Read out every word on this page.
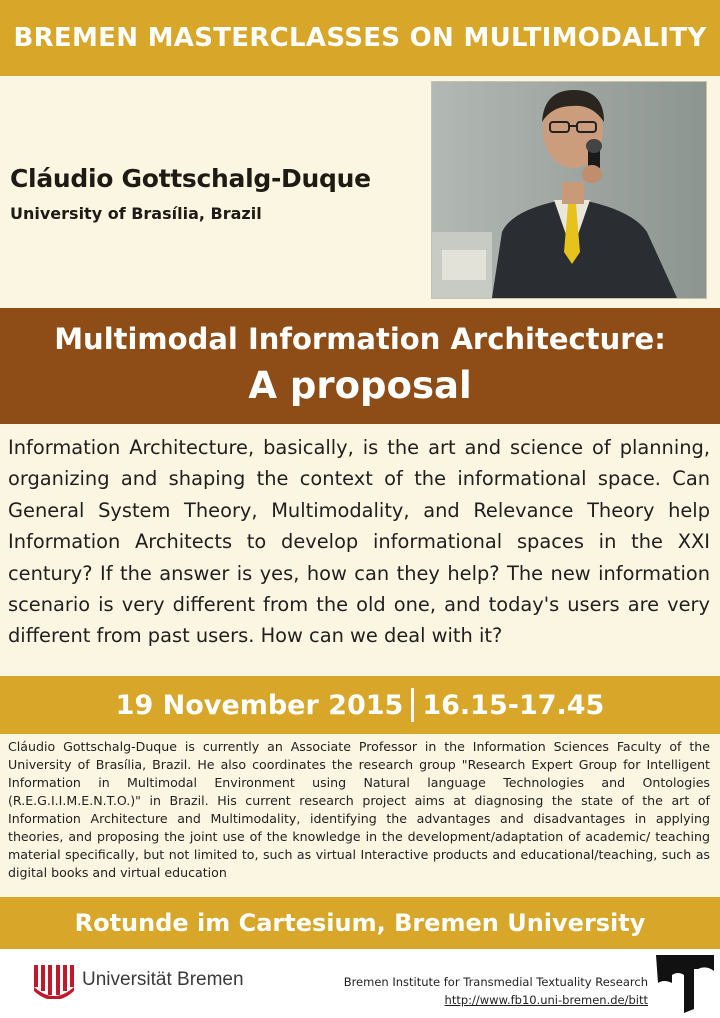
BREMEN MASTERCLASSES ON MULTIMODALITY
Cláudio Gottschalg-Duque
University of Brasília, Brazil
Multimodal Information Architecture:
A proposal

Information Architecture, basically, is the art and science of planning, organizing and shaping the context of the informational space. Can General System Theory, Multimodality, and Relevance Theory help Information Architects to develop informational spaces in the XXI century? If the answer is yes, how can they help? The new information scenario is very different from the old one, and today's users are very different from past users. How can we deal with it?

19 November 2015 16.15-17.45

Cláudio Gottschalg-Duque is currently an Associate Professor in the Information Sciences Faculty of the University of Brasília, Brazil. He also coordinates the research group "Research Expert Group for Intelligent Information in Multimodal Environment using Natural language Technologies and Ontologies (R.E.G.I.I.M.E.N.T.O.)" in Brazil. His current research project aims at diagnosing the state of the art of Information Architecture and Multimodality, identifying the advantages and disadvantages in applying theories, and proposing the joint use of the knowledge in the development/adaptation of academic/ teaching material specifically, but not limited to, such as virtual Interactive products and educational/teaching, such as digital books and virtual education

Rotunde im Cartesium, Bremen University
Universität Bremen	Bremen Institute for Transmedial Textuality Research
http://www.fb10.uni-bremen.de/bitt
